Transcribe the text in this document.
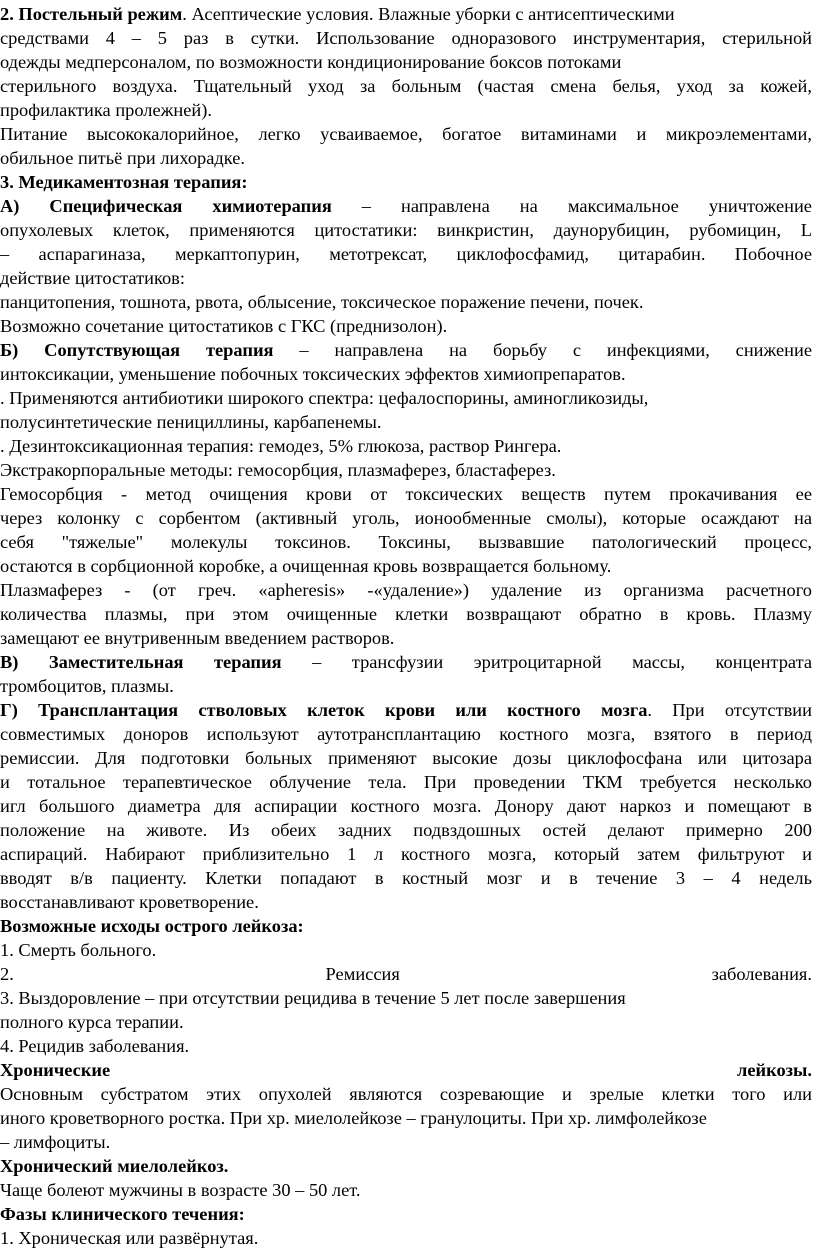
2. Постельный режим. Асептические условия. Влажные уборки с антисептическими
средствами 4 – 5 раз в сутки. Использование одноразового инструментария, стерильной
одежды медперсоналом, по возможности кондиционирование боксов потоками
стерильного воздуха. Тщательный уход за больным (частая смена белья, уход за кожей,
профилактика пролежней).
Питание высококалорийное, легко усваиваемое, богатое витаминами и микроэлементами,
обильное питьё при лихорадке.
3. Медикаментозная терапия:
А) Специфическая химиотерапия – направлена на максимальное уничтожение
опухолевых клеток, применяются цитостатики: винкристин, даунорубицин, рубомицин, L
– аспарагиназа, меркаптопурин, метотрексат, циклофосфамид, цитарабин. Побочное
действие цитостатиков:
панцитопения, тошнота, рвота, облысение, токсическое поражение печени, почек.
Возможно сочетание цитостатиков с ГКС (преднизолон).
Б) Сопутствующая терапия – направлена на борьбу с инфекциями, снижение
интоксикации, уменьшение побочных токсических эффектов химиопрепаратов.
. Применяются антибиотики широкого спектра: цефалоспорины, аминогликозиды,
полусинтетические пенициллины, карбапенемы.
. Дезинтоксикационная терапия: гемодез, 5% глюкоза, раствор Рингера.
Экстракорпоральные методы: гемосорбция, плазмаферез, бластаферез.
Гемосорбция - метод очищения крови от токсических веществ путем прокачивания ее
через колонку с сорбентом (активный уголь, ионообменные смолы), которые осаждают на
себя "тяжелые" молекулы токсинов. Токсины, вызвавшие патологический процесс,
остаются в сорбционной коробке, а очищенная кровь возвращается больному.
Плазмаферез - (от греч. «apheresis» -«удаление») удаление из организма расчетного
количества плазмы, при этом очищенные клетки возвращают обратно в кровь. Плазму
замещают ее внутривенным введением растворов.
В) Заместительная терапия – трансфузии эритроцитарной массы, концентрата
тромбоцитов, плазмы.
Г) Трансплантация стволовых клеток крови или костного мозга. При отсутствии
совместимых доноров используют аутотрансплантацию костного мозга, взятого в период
ремиссии. Для подготовки больных применяют высокие дозы циклофосфана или цитозара
и тотальное терапевтическое облучение тела. При проведении ТКМ требуется несколько
игл большого диаметра для аспирации костного мозга. Донору дают наркоз и помещают в
положение на животе. Из обеих задних подвздошных остей делают примерно 200
аспираций. Набирают приблизительно 1 л костного мозга, который затем фильтруют и
вводят в/в пациенту. Клетки попадают в костный мозг и в течение 3 – 4 недель
восстанавливают кроветворение.
Возможные исходы острого лейкоза:
1. Смерть больного.
2. Ремиссия заболевания.
3. Выздоровление – при отсутствии рецидива в течение 5 лет после завершения
полного курса терапии.
4. Рецидив заболевания.
Хронические лейкозы.
Основным субстратом этих опухолей являются созревающие и зрелые клетки того или
иного кроветворного ростка. При хр. миелолейкозе – гранулоциты. При хр. лимфолейкозе
– лимфоциты.
Хронический миелолейкоз.
Чаще болеют мужчины в возрасте 30 – 50 лет.
Фазы клинического течения:
1. Хроническая или развёрнутая.
